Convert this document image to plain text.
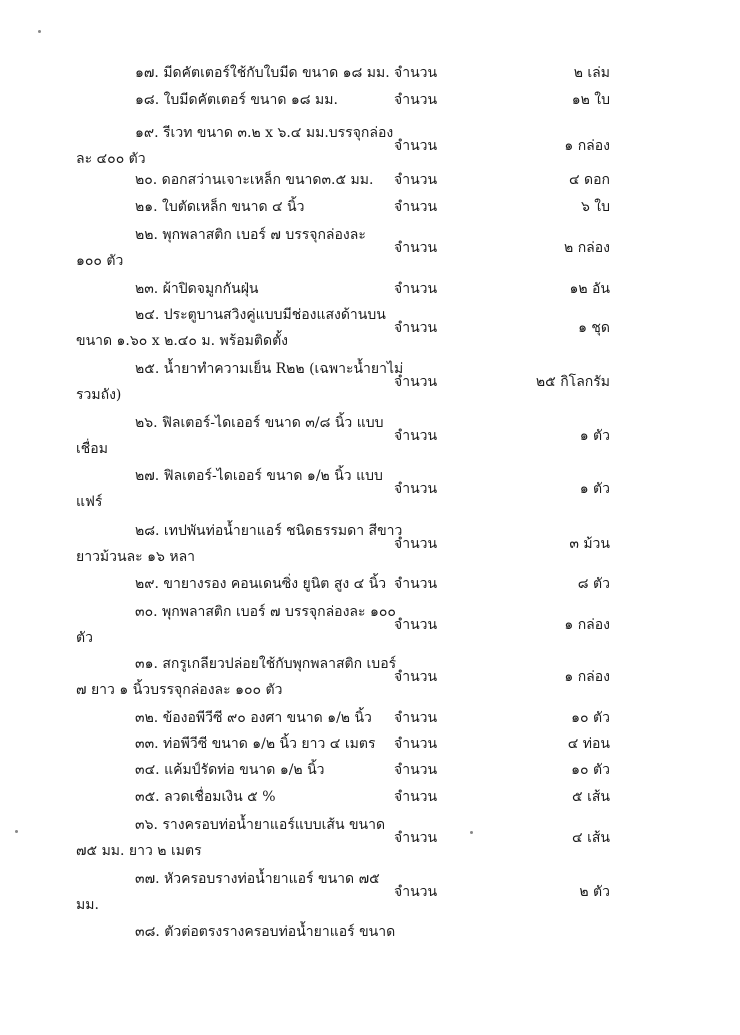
๑๗. มีดคัตเตอร์ใช้กับใบมีด ขนาด ๑๘ มม. จำนวน	๒ เล่ม
๑๘. ใบมีดคัตเตอร์ ขนาด ๑๘ มม.	จำนวน	๑๒ ใบ
๑๙. รีเวท ขนาด ๓.๒ x ๖.๔ มม.บรรจุกล่อง
ละ ๔๐๐ ตัว
จำนวน	๑ กล่อง
๒๐. ดอกสว่านเจาะเหล็ก ขนาด๓.๕ มม.	จำนวน	๔ ดอก
๒๑. ใบตัดเหล็ก ขนาด ๔ นิ้ว	จำนวน	๖ ใบ
๒๒. พุกพลาสติก เบอร์ ๗ บรรจุกล่องละ
๑๐๐ ตัว
จำนวน	๒ กล่อง
๒๓. ผ้าปิดจมูกกันฝุ่น	จำนวน	๑๒ อัน
๒๔. ประตูบานสวิงคู่แบบมีช่องแสงด้านบน
ขนาด ๑.๖๐ x ๒.๔๐ ม. พร้อมติดตั้ง
จำนวน	๑ ชุด
๒๕. น้ำยาทำความเย็น R๒๒ (เฉพาะน้ำยาไม่
รวมถัง)
จำนวน	๒๕ กิโลกรัม
๒๖. ฟิลเตอร์-ไดเออร์ ขนาด ๓/๘ นิ้ว แบบ
เชื่อม
จำนวน	๑ ตัว
๒๗. ฟิลเตอร์-ไดเออร์ ขนาด ๑/๒ นิ้ว แบบ
แฟร์
จำนวน	๑ ตัว
๒๘. เทปพันท่อน้ำยาแอร์ ชนิดธรรมดา สีขาว
ยาวม้วนละ ๑๖ หลา
จำนวน	๓ ม้วน
๒๙. ขายางรอง คอนเดนซิ่ง ยูนิต สูง ๔ นิ้ว จำนวน	๘ ตัว
๓๐. พุกพลาสติก เบอร์ ๗ บรรจุกล่องละ ๑๐๐
ตัว
จำนวน	๑ กล่อง
๓๑. สกรูเกลียวปล่อยใช้กับพุกพลาสติก เบอร์
๗ ยาว ๑ นิ้วบรรจุกล่องละ ๑๐๐ ตัว
จำนวน	๑ กล่อง
๓๒. ข้องอพีวีซี ๙๐ องศา ขนาด ๑/๒ นิ้ว	จำนวน	๑๐ ตัว
๓๓. ท่อพีวีซี ขนาด ๑/๒ นิ้ว ยาว ๔ เมตร	จำนวน	๔ ท่อน
๓๔. แค้มป์รัดท่อ ขนาด ๑/๒ นิ้ว	จำนวน	๑๐ ตัว
๓๕. ลวดเชื่อมเงิน ๕ %	จำนวน	๕ เส้น
๓๖. รางครอบท่อน้ำยาแอร์แบบเส้น ขนาด
๗๕ มม. ยาว ๒ เมตร
จำนวน	๔ เส้น
๓๗. หัวครอบรางท่อน้ำยาแอร์ ขนาด ๗๕
มม.
จำนวน	๒ ตัว
๓๘. ตัวต่อตรงรางครอบท่อน้ำยาแอร์ ขนาด
